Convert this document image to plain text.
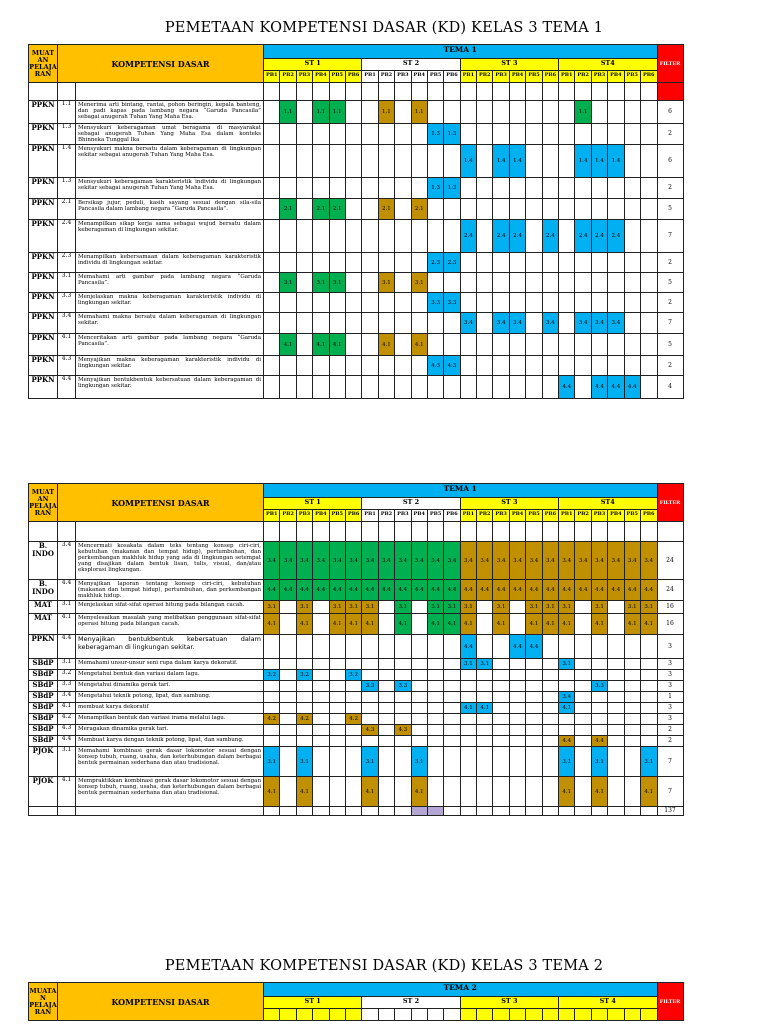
PEMETAAN KOMPETENSI DASAR (KD) KELAS 3 TEMA 1
MUAT AN PELAJA RAN	KOMPETENSI DASAR		TEMA 1																								FILTER
			ST 1						ST 2						ST 3						ST4						
			PB1	PB2	PB3	PB4	PB5	PB6	PB1	PB2	PB3	PB4	PB5	PB6	PB1	PB2	PB3	PB4	PB5	PB6	PB1	PB2	PB3	PB4	PB5	PB6	

PPKN	1.1	Menerima arti bintang, rantai, pohon beringin, kepala banteng, dan padi kapas pada lambang negara “Garuda Pancasila” sebagai anugerah Tuhan Yang Maha Esa.		1.1		1.1	1.1			1.1		1.1										1.1					6
PPKN	1.3	Mensyukuri keberagaman umat beragama di masyarakat sebagai anugerah Tuhan Yang Maha Esa dalam konteks Bhinneka Tunggal Ika											1.3	1.3													2
PPKN	1.4	Mensyukuri makna bersatu dalam keberagaman di lingkungan sekitar sebagai anugerah Tuhan Yang Maha Esa.													1.4		1.4	1.4				1.4	1.4	1.4			6
PPKN	1.3	Mensyukuri keberagaman karakteristik individu di lingkungan sekitar sebagai anugerah Tuhan Yang Maha Esa.											1.3	1.3													2
PPKN	2.1	Bersikap jujur, peduli, kasih sayang sesuai dengan sila-sila Pancasila dalam lambang negara “Garuda Pancasila”.		2.1		2.1	2.1			2.1		2.1															5
PPKN	2.4	Menampilkan sikap kerja sama sebagai wujud bersatu dalam keberagaman di lingkungan sekitar.													2.4		2.4	2.4		2.4		2.4	2.4	2.4			7
PPKN	2.3	Menampilkan kebersamaan dalam keberagaman karakteristik individu di lingkungan sekitar.											2.3	2.3													2
PPKN	3.1	Memahami arti gambar pada lambang negara “Garuda Pancasila”.		3.1		3.1	3.1			3.1		3.1															5
PPKN	3.3	Menjelaskan makna keberagaman karakteristik individu di lingkungan sekitar.											3.3	3.3													2
PPKN	3.4	Memahami makna bersatu dalam keberagaman di lingkungan sekitar.													3.4		3.4	3.4		3.4		3.4	3.4	3.4			7
PPKN	4.1	Menceritakan arti gambar pada lambang negara “Garuda Pancasila”.		4.1		4.1	4.1			4.1		4.1															5
PPKN	4.3	Menyajikan makna keberagaman karakteristik individu di lingkungan sekitar.											4.3	4.3													2
PPKN	4.4	Menyajikan bentukbentuk kebersatuan dalam keberagaman di lingkungan sekitar.																			4.4		4.4	4.4	4.4		4
MUAT AN PELAJA RAN	KOMPETENSI DASAR		TEMA 1																								FILTER
			ST 1						ST 2						ST 3						ST4						
			PB1	PB2	PB3	PB4	PB5	PB6	PB1	PB2	PB3	PB4	PB5	PB6	PB1	PB2	PB3	PB4	PB5	PB6	PB1	PB2	PB3	PB4	PB5	PB6	

B. INDO	3.4	Mencermati kosakata dalam teks tentang konsep ciri-ciri, kebutuhan (makanan dan tempat hidup), pertumbuhan, dan perkembangan makhluk hidup yang ada di lingkungan setempat yang disajikan dalam bentuk lisan, tulis, visual, dan/atau eksplorasi lingkungan.	3.4	3.4	3.4	3.4	3.4	3.4	3.4	3.4	3.4	3.4	3.4	3.4	3.4	3.4	3.4	3.4	3.4	3.4	3.4	3.4	3.4	3.4	3.4	3.4	24
B. INDO	4.4	Menyajikan laporan tentang konsep ciri-ciri, kebutuhan (makanan dan tempat hidup), pertumbuhan, dan perkembangan makhluk hidup.	4.4	4.4	4.4	4.4	4.4	4.4	4.4	4.4	4.4	4.4	4.4	4.4	4.4	4.4	4.4	4.4	4.4	4.4	4.4	4.4	4.4	4.4	4.4	4.4	24
MAT	3.1	Menjelaskan sifat-sifat operasi hitung pada bilangan cacah.	3.1		3.1		3.1	3.1	3.1		3.1		3.1	3.1	3.1		3.1		3.1	3.1	3.1		3.1		3.1	3.1	16
MAT	4.1	Menyelesaikan masalah yang melibatkan penggunaan sifat-sifat operasi hitung pada bilangan cacah.	4.1		4.1		4.1	4.1	4.1		4.1		4.1	4.1	4.1		4.1		4.1	4.1	4.1		4.1		4.1	4.1	16
PPKN	4.4	Menyajikan bentukbentuk kebersatuan dalam keberagaman di lingkungan sekitar.													4.4			4.4	4.4								3
SBdP	3.1	Memahami unsur-unsur seni rupa dalam karya dekoratif.													3.1	3.1					3.1						3
SBdP	3.2	Mengetahui bentuk dan variasi dalam lagu.	3.2		3.2			3.2																			3
SBdP	3.3	Mengetahui dinamika gerak tari.							3.3		3.3												3.3				3
SBdP	3.4	Mengetahui teknik potong, lipat, dan sambung.																			3.4						1
SBdP	4.1	membuat karya dekoratif													4.1	4.1					4.1						3
SBdP	4.2	Menampilkan bentuk dan variasi irama melalui lagu.	4.2		4.2			4.2																			3
SBdP	4.3	Meragakan dinamika gerak tari.							4.3		4.3																2
SBdP	4.4	Membuat karya dengan teknik potong, lipat, dan sambung.																			4.4		4.4				2
PJOK	3.1	Memahami kombinasi gerak dasar lokomotor sesuai dengan konsep tubuh, ruang, usaha, dan keterhubungan dalam berbagai bentuk permainan sederhana dan atau tradisional.	3.1		3.1				3.1			3.1									3.1		3.1			3.1	7
PJOK	4.1	Mempraktikkan kombinasi gerak dasar lokomotor sesuai dengan konsep tubuh, ruang, usaha, dan keterhubungan dalam berbagai bentuk permainan sederhana dan atau tradisional.	4.1		4.1				4.1			4.1									4.1		4.1			4.1	7
																											137
PEMETAAN KOMPETENSI DASAR (KD) KELAS 3 TEMA 2
MUATA N PELAJA RAN	KOMPETENSI DASAR	TEMA 2																								FILTER
		ST 1						ST 2						ST 3						ST 4						
